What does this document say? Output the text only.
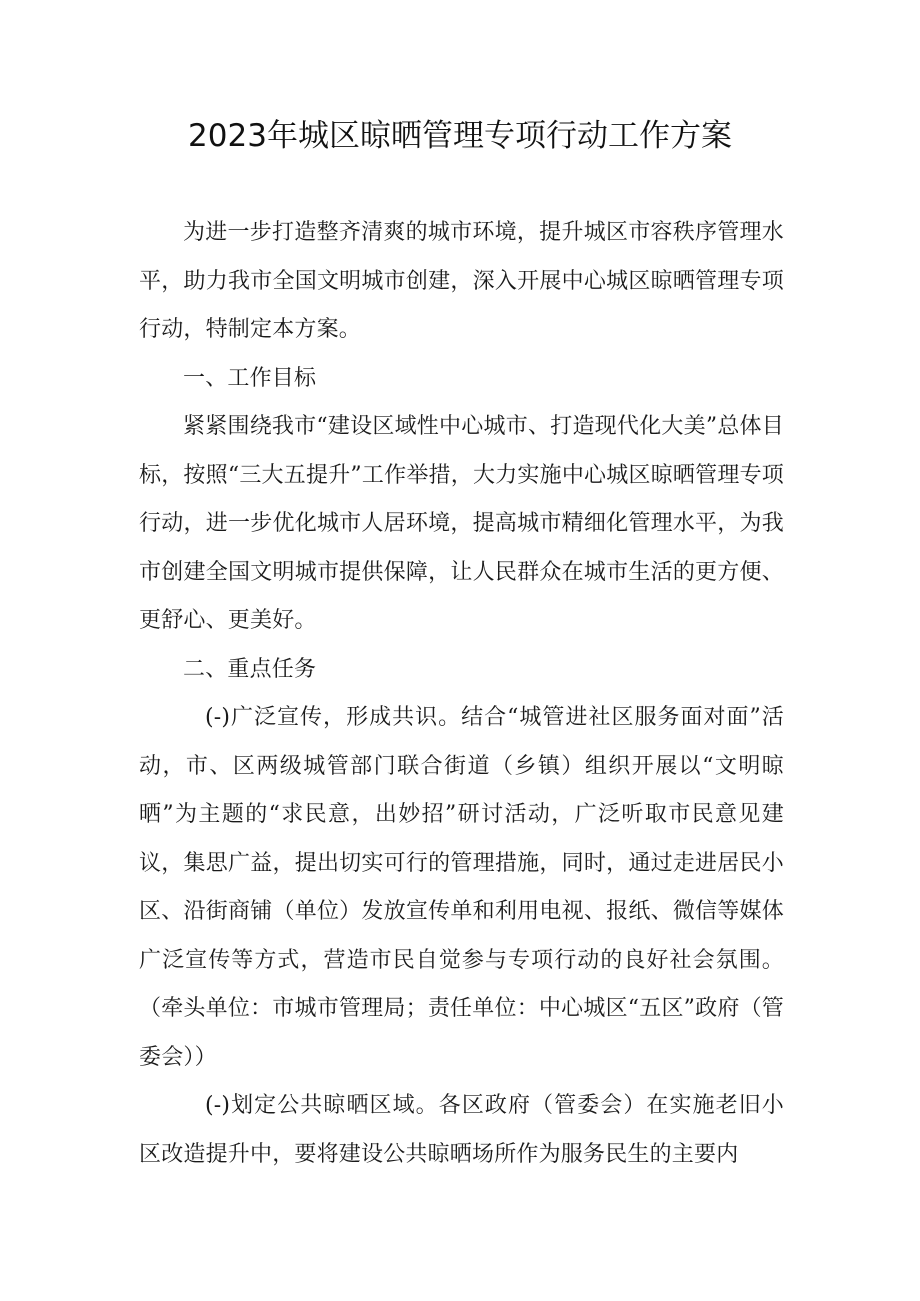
2023年城区晾晒管理专项行动工作方案

为进一步打造整齐清爽的城市环境，提升城区市容秩序管理水平，助力我市全国文明城市创建，深入开展中心城区晾晒管理专项行动，特制定本方案。

一、工作目标

紧紧围绕我市“建设区域性中心城市、打造现代化大美”总体目标，按照“三大五提升”工作举措，大力实施中心城区晾晒管理专项行动，进一步优化城市人居环境，提高城市精细化管理水平，为我市创建全国文明城市提供保障，让人民群众在城市生活的更方便、更舒心、更美好。

二、重点任务

(-)广泛宣传，形成共识。结合“城管进社区服务面对面”活动，市、区两级城管部门联合街道（乡镇）组织开展以“文明晾晒”为主题的“求民意，出妙招”研讨活动，广泛听取市民意见建议，集思广益，提出切实可行的管理措施，同时，通过走进居民小区、沿街商铺（单位）发放宣传单和利用电视、报纸、微信等媒体广泛宣传等方式，营造市民自觉参与专项行动的良好社会氛围。（牵头单位：市城市管理局；责任单位：中心城区“五区”政府（管委会））

(-)划定公共晾晒区域。各区政府（管委会）在实施老旧小区改造提升中，要将建设公共晾晒场所作为服务民生的主要内
